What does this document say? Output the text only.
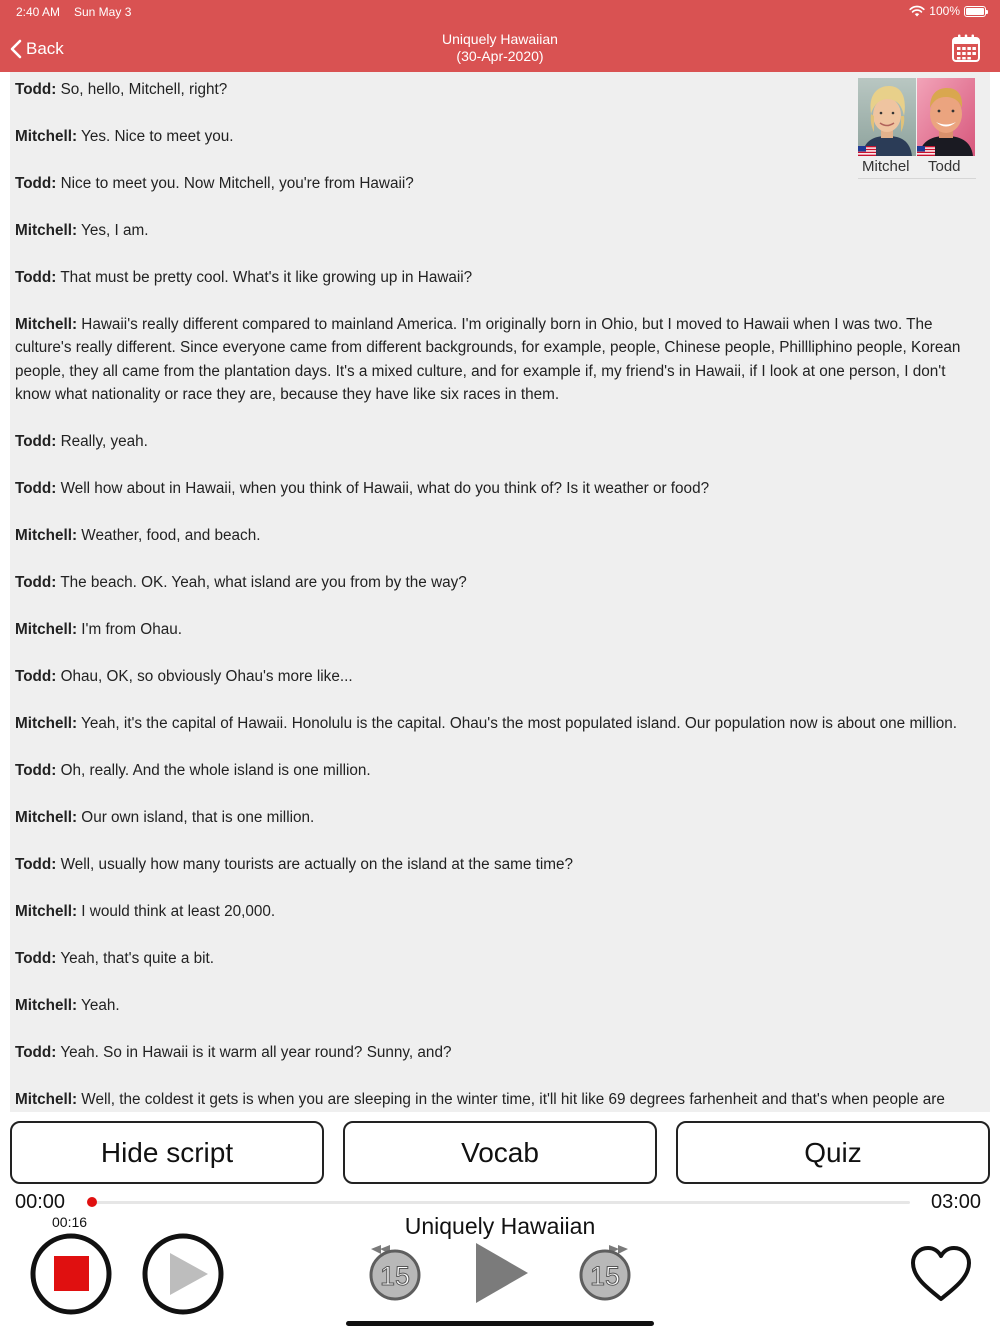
2:40 AM Sun May 3	100%
Back	Uniquely Hawaiian
(30-Apr-2020)

Todd: So, hello, Mitchell, right?

Mitchell: Yes. Nice to meet you.

Todd: Nice to meet you. Now Mitchell, you're from Hawaii?

Mitchell: Yes, I am.

Todd: That must be pretty cool. What's it like growing up in Hawaii?

Mitchell: Hawaii's really different compared to mainland America. I'm originally born in Ohio, but I moved to Hawaii when I was two. The culture's really different. Since everyone came from different backgrounds, for example, people, Chinese people, Phillliphino people, Korean people, they all came from the plantation days. It's a mixed culture, and for example if, my friend's in Hawaii, if I look at one person, I don't know what nationality or race they are, because they have like six races in them.

Todd: Really, yeah.

Todd: Well how about in Hawaii, when you think of Hawaii, what do you think of? Is it weather or food?

Mitchell: Weather, food, and beach.

Todd: The beach. OK. Yeah, what island are you from by the way?

Mitchell: I'm from Ohau.

Todd: Ohau, OK, so obviously Ohau's more like...

Mitchell: Yeah, it's the capital of Hawaii. Honolulu is the capital. Ohau's the most populated island. Our population now is about one million.

Todd: Oh, really. And the whole island is one million.

Mitchell: Our own island, that is one million.

Todd: Well, usually how many tourists are actually on the island at the same time?

Mitchell: I would think at least 20,000.

Todd: Yeah, that's quite a bit.

Mitchell: Yeah.

Todd: Yeah. So in Hawaii is it warm all year round? Sunny, and?

Mitchell: Well, the coldest it gets is when you are sleeping in the winter time, it'll hit like 69 degrees farhenheit and that's when people are

Mitchel Todd
Hide script	Vocab	Quiz
00:00	03:00
00:16	Uniquely Hawaiian
15	15
